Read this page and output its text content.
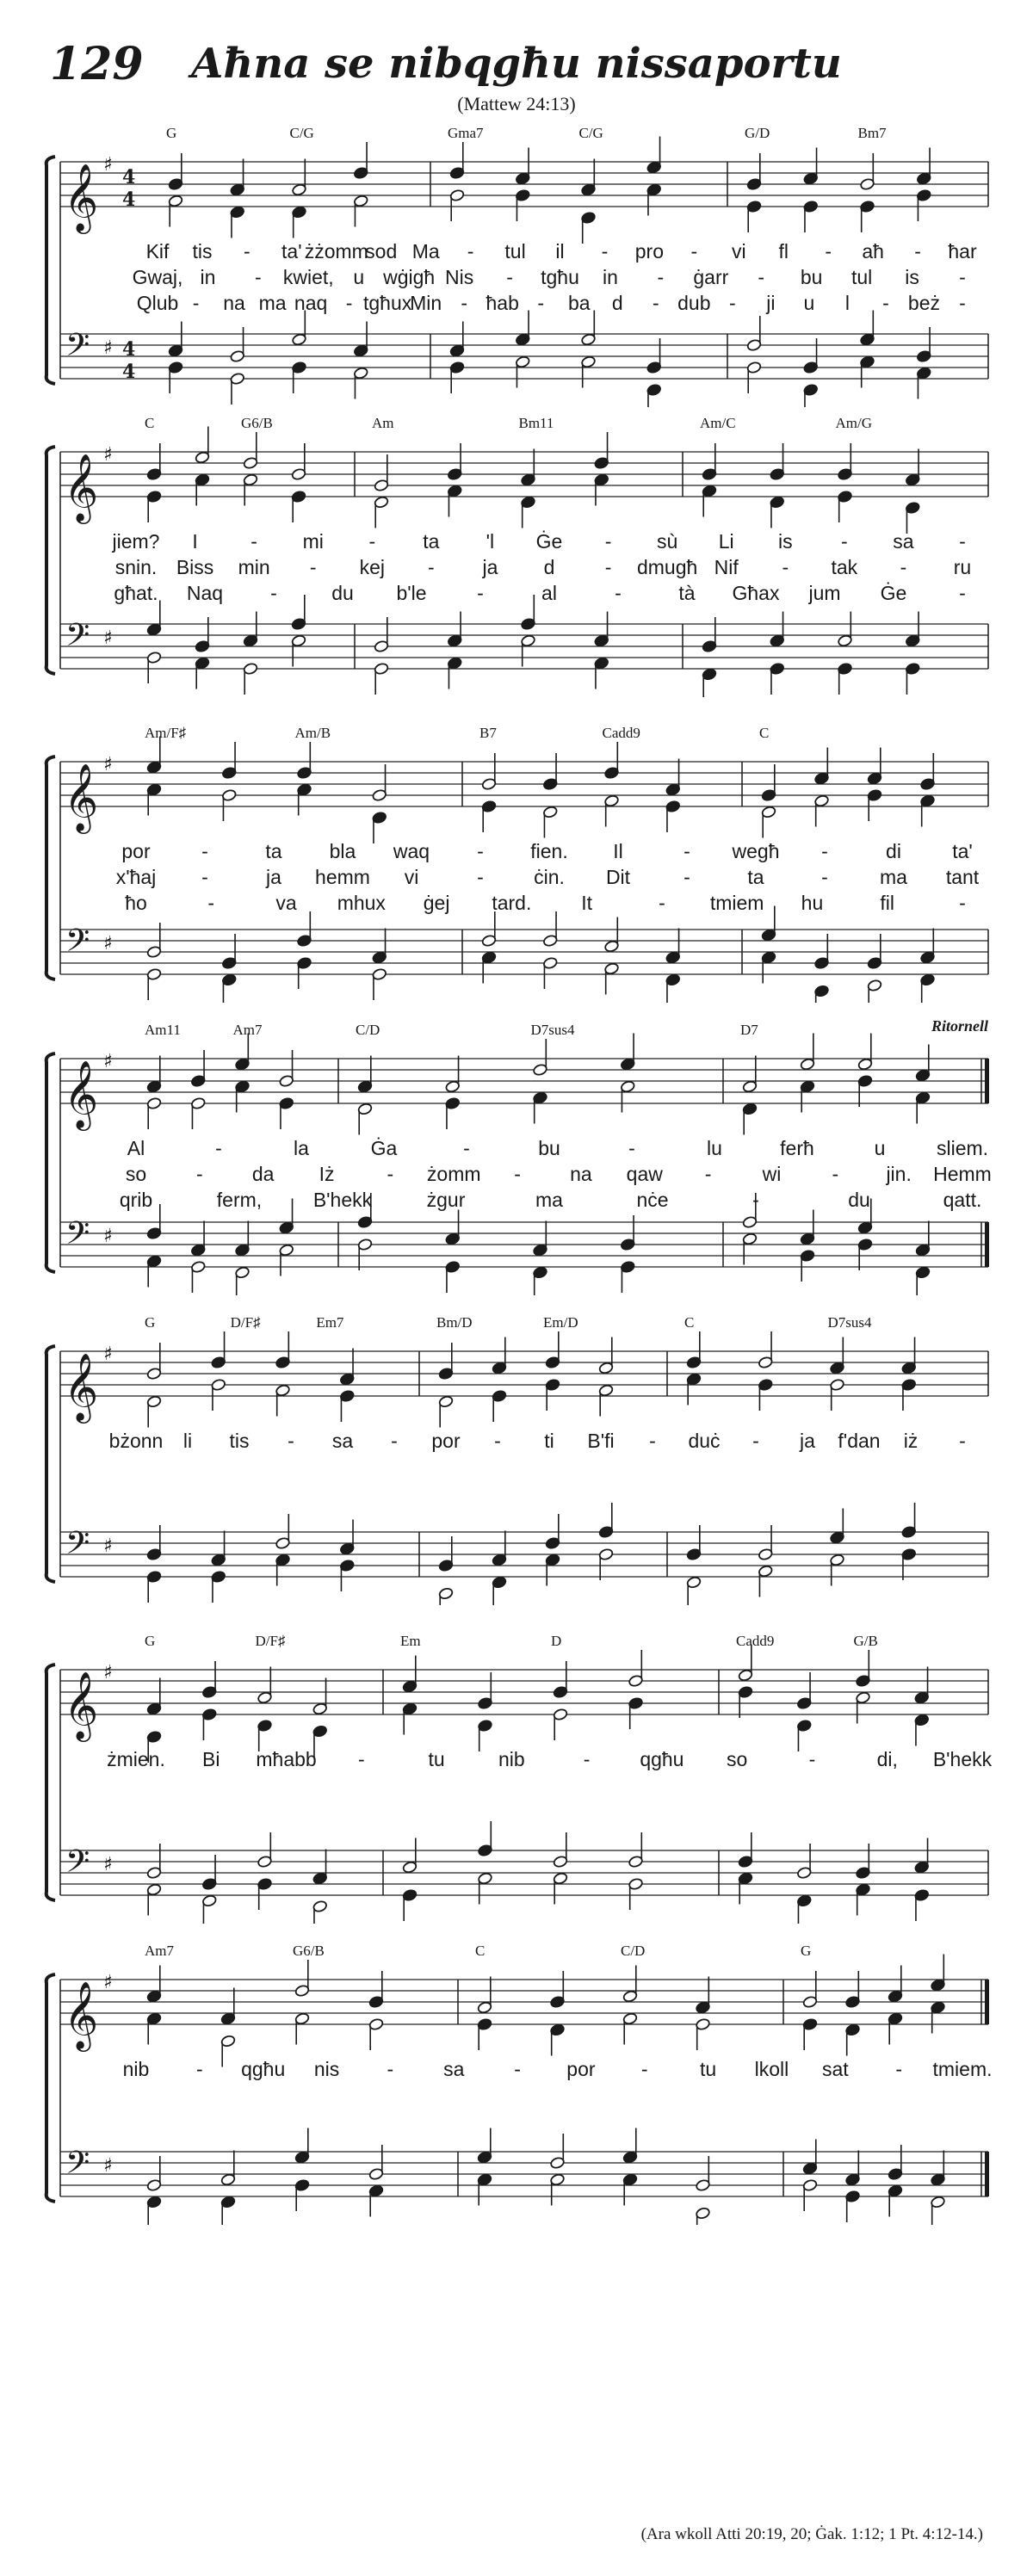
129	Aħna se nibqgħu nissaportu
(Mattew 24:13)
𝄞
𝄢
♯
♯
4
4
4
4
G	C/G	Gma7	C/G	G/D	Bm7
Kif tis - ta' żżomm
sod Ma - tul il - pro - vi fl - aħ - ħar
Gwaj, in - kwiet, u wġigħ Nis - tgħu in - ġarr - bu tul is -
Qlub - na ma naq - tgħux
Min - ħab - ba d - dub - ji u l - beż -
𝄞
𝄢
♯
♯
C	G6/B	Am	Bm11	Am/C	Am/G
jiem? I	- mi - ta 'l Ġe - sù Li is - sa -
snin. Biss min - kej - ja d	- dmugħ Nif - tak - ru
għat. Naq -	du b'le	-	al	-	tà Għax jum Ġe	-
𝄞
𝄢
♯
♯
Am/F♯	Am/B	B7	Cadd9	C
por	-	ta bla waq - fien. Il	- wegħ -	di	ta'
x'ħaj -	ja hemm vi	-	ċin. Dit	-	ta	-	ma tant
ħo	-	va mhux ġej tard.	It	- tmiem hu	fil	-
𝄞
𝄢
♯
♯
Ritornell
Am11	Am7	C/D	D7sus4	D7
Al	-	la	Ġa	-	bu	-	lu	ferħ	u	sliem.
so	- da Iż	- żomm - na qaw -	wi	- jin. Hemm
qrib	ferm,	B'hekk	żgur	ma	nċe	-	du	qatt.
𝄞
𝄢
♯
♯
G	D/F♯	Em7	Bm/D	Em/D	C	D7sus4
bżonn li tis - sa - por - ti B'fi - duċ - ja f'dan iż -
𝄞
𝄢
♯
♯
G	D/F♯	Em	D	Cadd9	G/B
żmien. Bi mħabb -	tu	nib	-	qgħu so	-	di, B'hekk
𝄞
𝄢
♯
♯
Am7	G6/B	C	C/D	G
nib - qgħu nis -	sa	- por -	tu lkoll sat - tmiem.
(Ara wkoll Atti 20:19, 20; Ġak. 1:12; 1 Pt. 4:12-14.)
